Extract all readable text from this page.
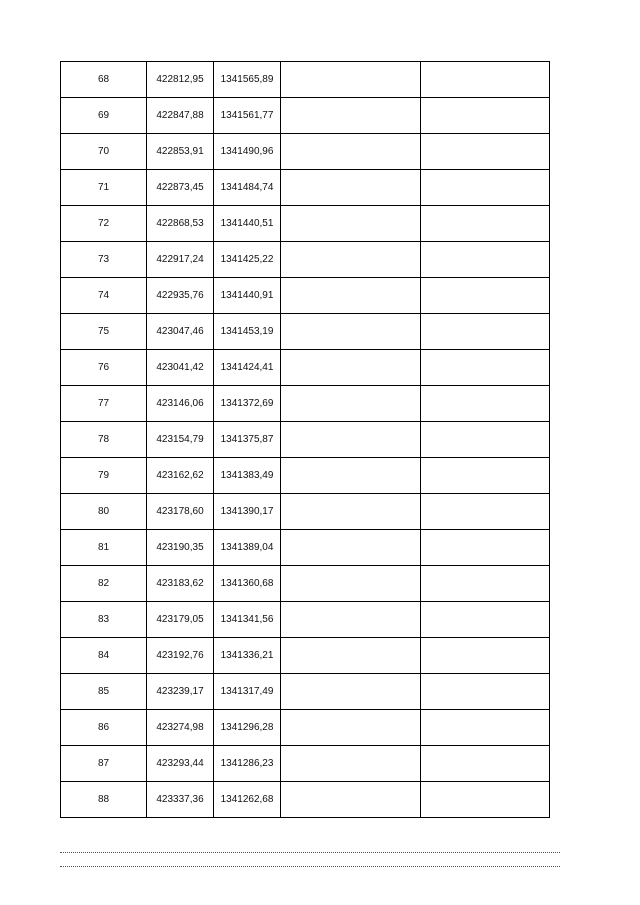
68	422812,95	1341565,89		
69	422847,88	1341561,77		
70	422853,91	1341490,96		
71	422873,45	1341484,74		
72	422868,53	1341440,51		
73	422917,24	1341425,22		
74	422935,76	1341440,91		
75	423047,46	1341453,19		
76	423041,42	1341424,41		
77	423146,06	1341372,69		
78	423154,79	1341375,87		
79	423162,62	1341383,49		
80	423178,60	1341390,17		
81	423190,35	1341389,04		
82	423183,62	1341360,68		
83	423179,05	1341341,56		
84	423192,76	1341336,21		
85	423239,17	1341317,49		
86	423274,98	1341296,28		
87	423293,44	1341286,23		
88	423337,36	1341262,68		
